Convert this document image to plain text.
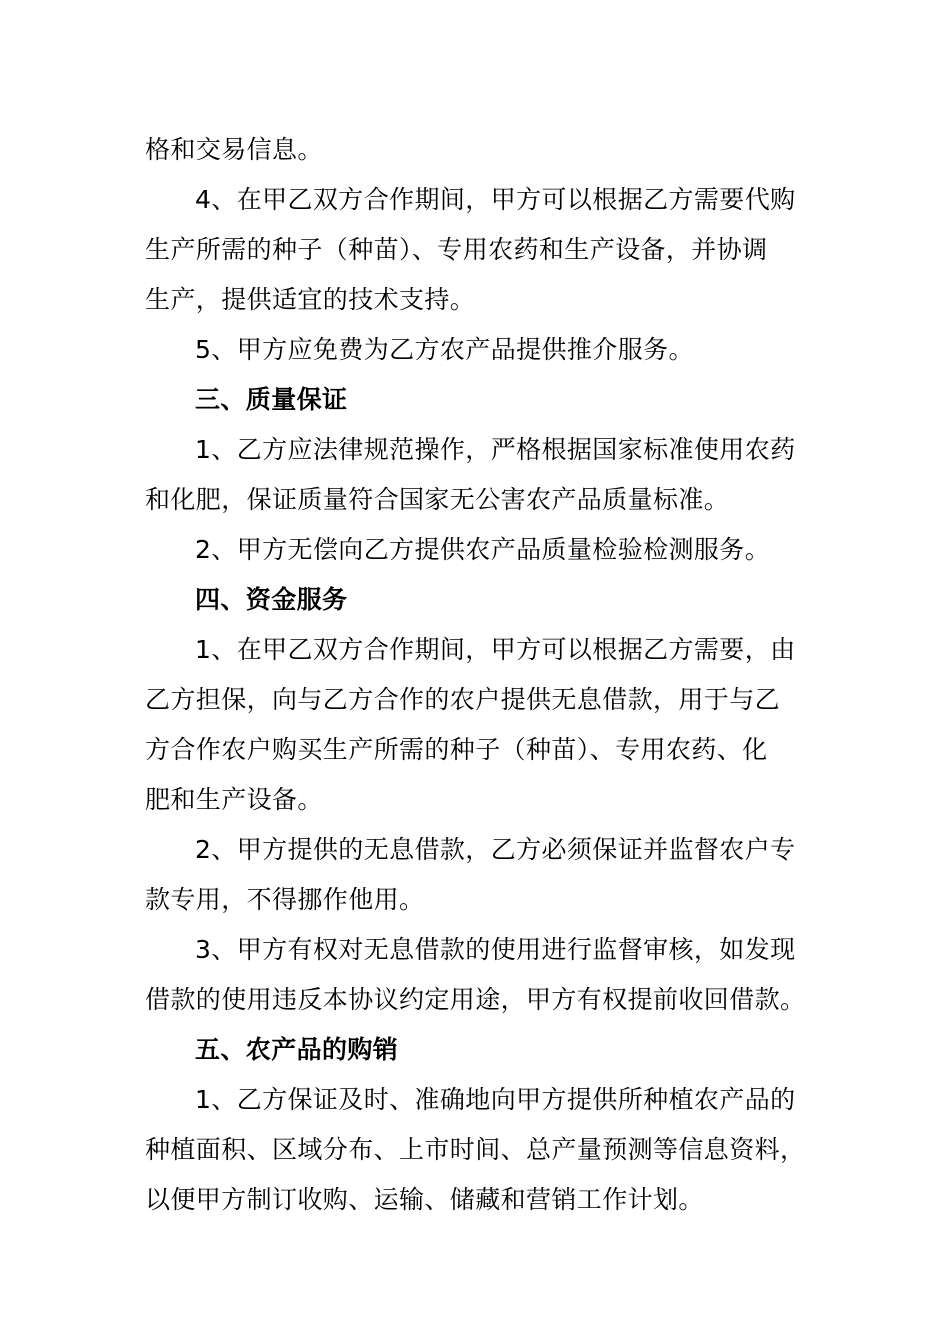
格和交易信息。
4、在甲乙双方合作期间，甲方可以根据乙方需要代购
生产所需的种子（种苗）、专用农药和生产设备，并协调
生产，提供适宜的技术支持。
5、甲方应免费为乙方农产品提供推介服务。
三、质量保证
1、乙方应法律规范操作，严格根据国家标准使用农药
和化肥，保证质量符合国家无公害农产品质量标准。
2、甲方无偿向乙方提供农产品质量检验检测服务。
四、资金服务
1、在甲乙双方合作期间，甲方可以根据乙方需要，由
乙方担保，向与乙方合作的农户提供无息借款，用于与乙
方合作农户购买生产所需的种子（种苗）、专用农药、化
肥和生产设备。
2、甲方提供的无息借款，乙方必须保证并监督农户专
款专用，不得挪作他用。
3、甲方有权对无息借款的使用进行监督审核，如发现
借款的使用违反本协议约定用途，甲方有权提前收回借款。
五、农产品的购销
1、乙方保证及时、准确地向甲方提供所种植农产品的
种植面积、区域分布、上市时间、总产量预测等信息资料，
以便甲方制订收购、运输、储藏和营销工作计划。
